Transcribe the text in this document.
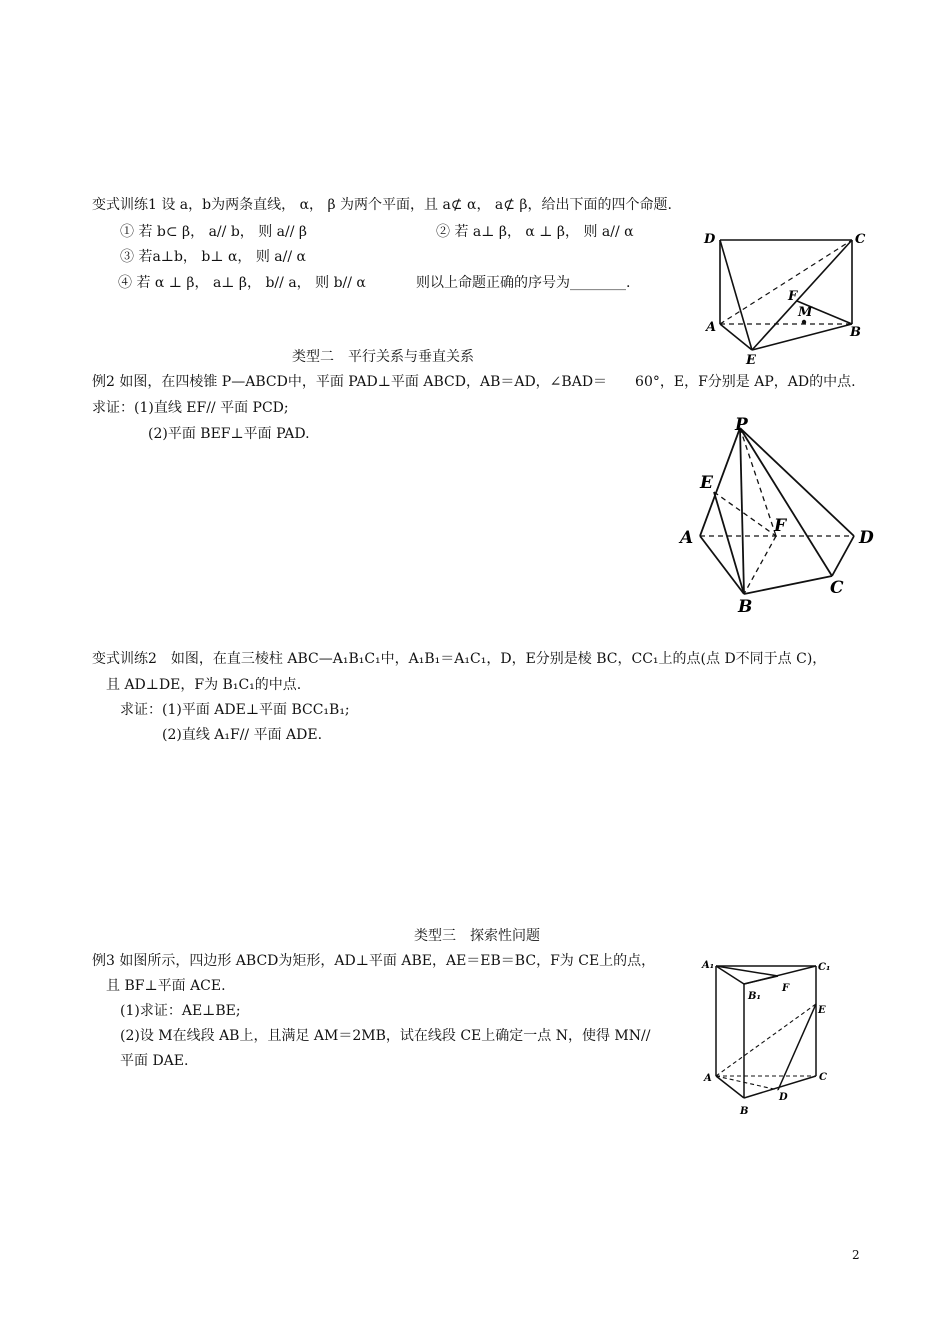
变式训练1 设 a，b为两条直线， α， β 为两个平面，且 a⊄ α， a⊄ β，给出下面的四个命题.
① 若 b⊂ β， a// b， 则 a// β	② 若 a⊥ β， α ⊥ β， 则 a// α
③ 若a⊥b， b⊥ α， 则 a// α
④ 若 α ⊥ β， a⊥ β， b// a， 则 b// α	则以上命题正确的序号为________.
D	C
F
M
A	B
E
类型二　平行关系与垂直关系
例2 如图，在四棱锥 P—ABCD中，平面 PAD⊥平面 ABCD，AB＝AD，∠BAD＝　　60°，E，F分别是 AP，AD的中点.
求证：(1)直线 EF// 平面 PCD;
(2)平面 BEF⊥平面 PAD.	P
E
A
F
D
C
B
变式训练2　如图，在直三棱柱 ABC—A₁B₁C₁中，A₁B₁＝A₁C₁，D，E分别是棱 BC，CC₁上的点(点 D不同于点 C)，
且 AD⊥DE，F为 B₁C₁的中点.
求证：(1)平面 ADE⊥平面 BCC₁B₁;
(2)直线 A₁F// 平面 ADE.
类型三　探索性问题
例3 如图所示，四边形 ABCD为矩形，AD⊥平面 ABE，AE＝EB＝BC，F为 CE上的点，
且 BF⊥平面 ACE.
(1)求证：AE⊥BE;
(2)设 M在线段 AB上，且满足 AM＝2MB，试在线段 CE上确定一点 N，使得 MN//
平面 DAE.
A₁	C₁
F
B₁
E
A	C
D
B
2
